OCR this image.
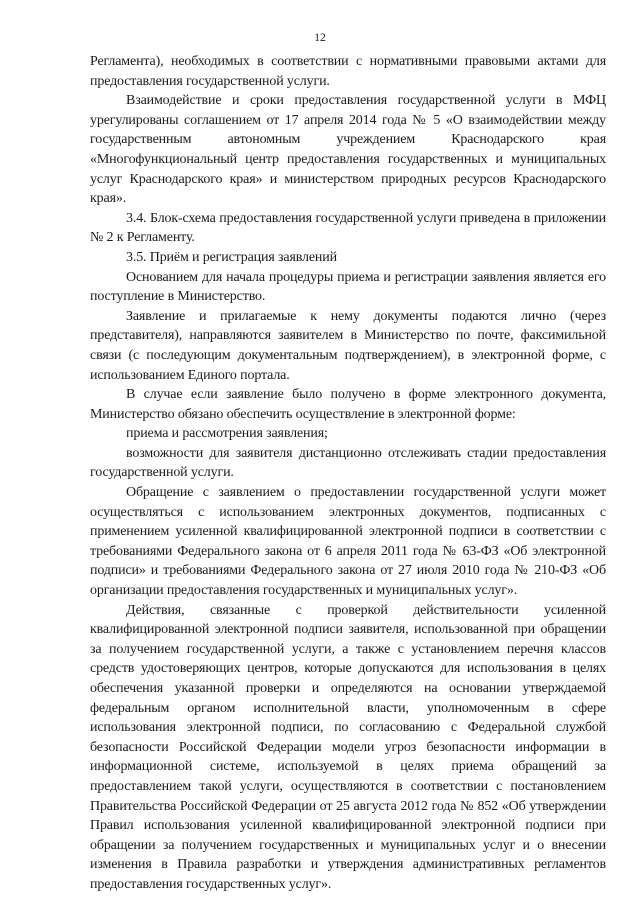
12

Регламента), необходимых в соответствии с нормативными правовыми актами для предоставления государственной услуги.

Взаимодействие и сроки предоставления государственной услуги в МФЦ урегулированы соглашением от 17 апреля 2014 года № 5 «О взаимодействии между государственным автономным учреждением Краснодарского края «Многофункциональный центр предоставления государственных и муниципальных услуг Краснодарского края» и министерством природных ресурсов Краснодарского края».

3.4. Блок-схема предоставления государственной услуги приведена в приложении № 2 к Регламенту.

3.5. Приём и регистрация заявлений

Основанием для начала процедуры приема и регистрации заявления является его поступление в Министерство.

Заявление и прилагаемые к нему документы подаются лично (через представителя), направляются заявителем в Министерство по почте, факсимильной связи (с последующим документальным подтверждением), в электронной форме, с использованием Единого портала.

В случае если заявление было получено в форме электронного документа, Министерство обязано обеспечить осуществление в электронной форме:

приема и рассмотрения заявления;

возможности для заявителя дистанционно отслеживать стадии предоставления государственной услуги.

Обращение с заявлением о предоставлении государственной услуги может осуществляться с использованием электронных документов, подписанных с применением усиленной квалифицированной электронной подписи в соответствии с требованиями Федерального закона от 6 апреля 2011 года № 63-ФЗ «Об электронной подписи» и требованиями Федерального закона от 27 июля 2010 года № 210-ФЗ «Об организации предоставления государственных и муниципальных услуг».

Действия, связанные с проверкой действительности усиленной квалифицированной электронной подписи заявителя, использованной при обращении за получением государственной услуги, а также с установлением перечня классов средств удостоверяющих центров, которые допускаются для использования в целях обеспечения указанной проверки и определяются на основании утверждаемой федеральным органом исполнительной власти, уполномоченным в сфере использования электронной подписи, по согласованию с Федеральной службой безопасности Российской Федерации модели угроз безопасности информации в информационной системе, используемой в целях приема обращений за предоставлением такой услуги, осуществляются в соответствии с постановлением Правительства Российской Федерации от 25 августа 2012 года № 852 «Об утверждении Правил использования усиленной квалифицированной электронной подписи при обращении за получением государственных и муниципальных услуг и о внесении изменения в Правила разработки и утверждения административных регламентов предоставления государственных услуг».
